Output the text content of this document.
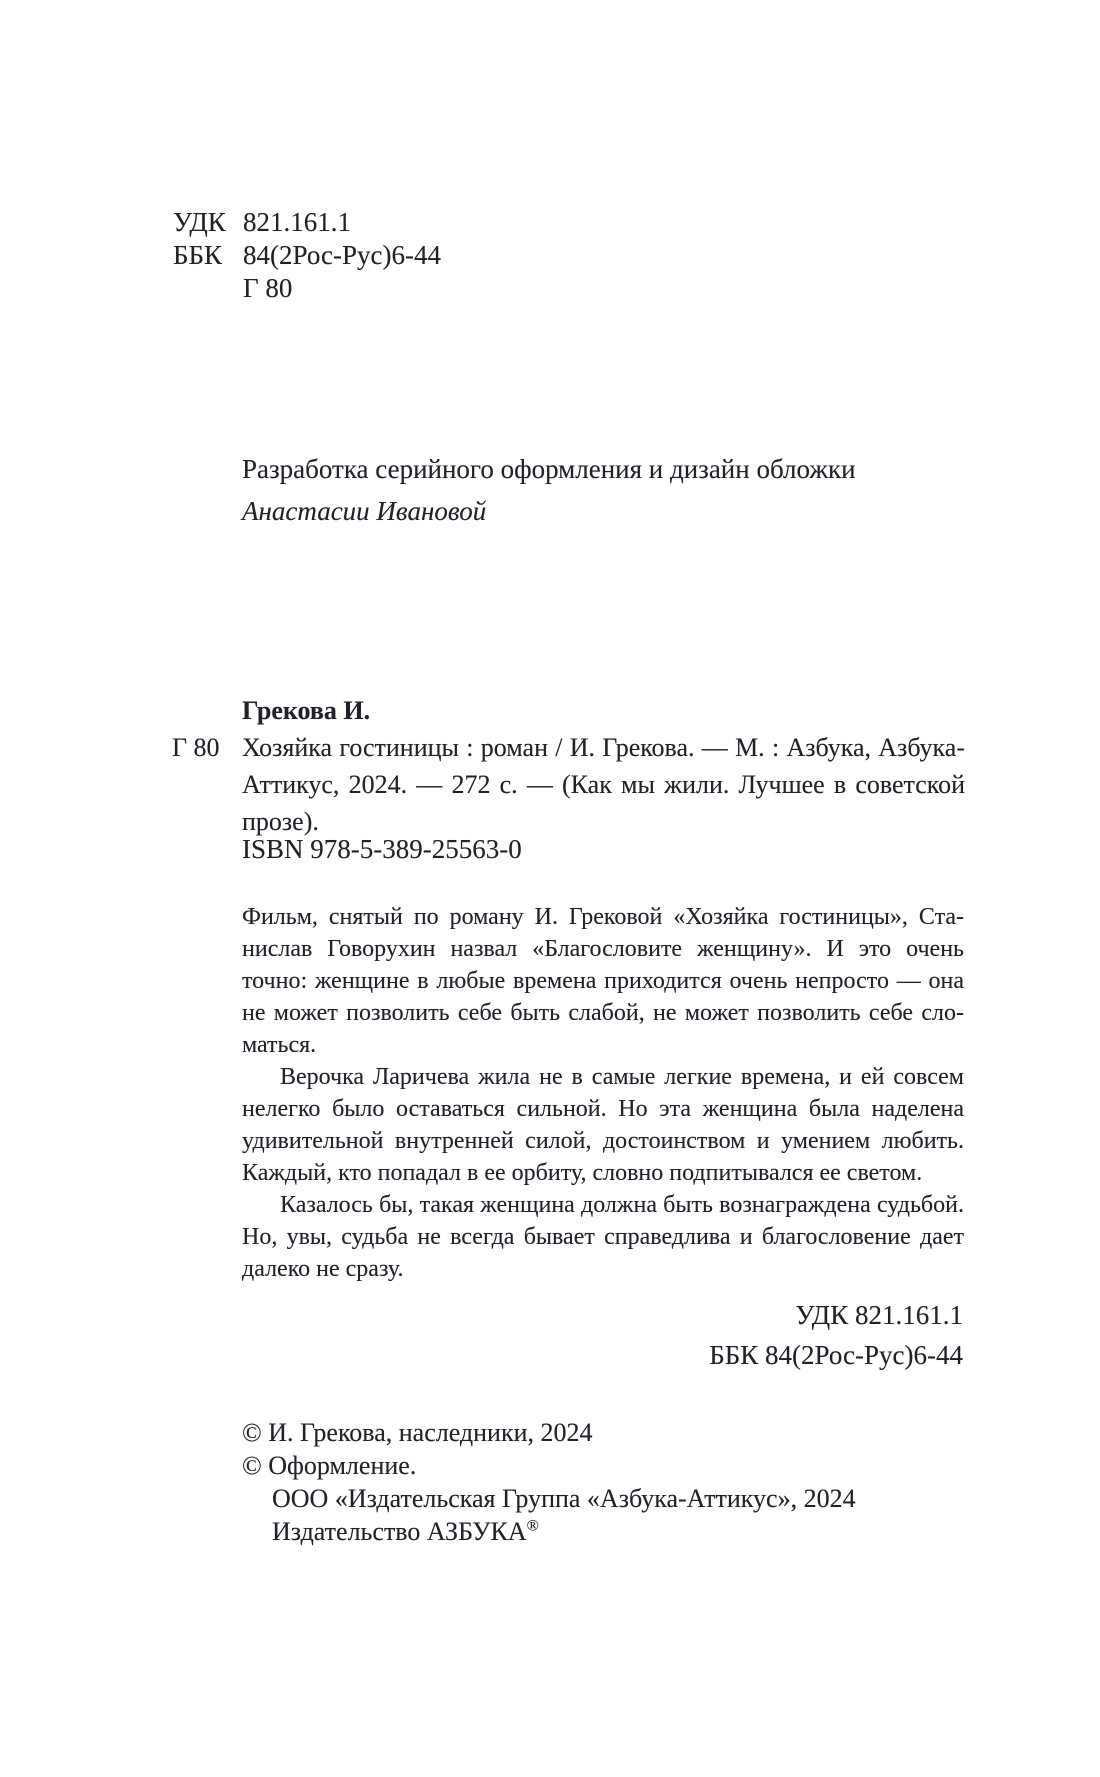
УДК 821.161.1
ББК 84(2Рос-Рус)6-44
Г 80
Разработка серийного оформления и дизайн обложки
Анастасии Ивановой
Грекова И.
Г 80 Хозяйка гостиницы : роман / И. Грекова. — М. : Азбука, Азбука-Аттикус, 2024. — 272 с. — (Как мы жили. Лучшее в советской прозе).

ISBN 978-5-389-25563-0

Фильм, снятый по роману И. Грековой «Хозяйка гостиницы», Станислав Говорухин назвал «Благословите женщину». И это очень точно: женщине в любые времена приходится очень непросто — она не может позволить себе быть слабой, не может позволить себе сломаться.

Верочка Ларичева жила не в самые легкие времена, и ей совсем нелегко было оставаться сильной. Но эта женщина была наделена удивительной внутренней силой, достоинством и умением любить. Каждый, кто попадал в ее орбиту, словно подпитывался ее светом.

Казалось бы, такая женщина должна быть вознаграждена судьбой. Но, увы, судьба не всегда бывает справедлива и благословение дает далеко не сразу.

УДК 821.161.1
ББК 84(2Рос-Рус)6-44
© И. Грекова, наследники, 2024
© Оформление.
ООО «Издательская Группа «Азбука-Аттикус», 2024
Издательство АЗБУКА®
